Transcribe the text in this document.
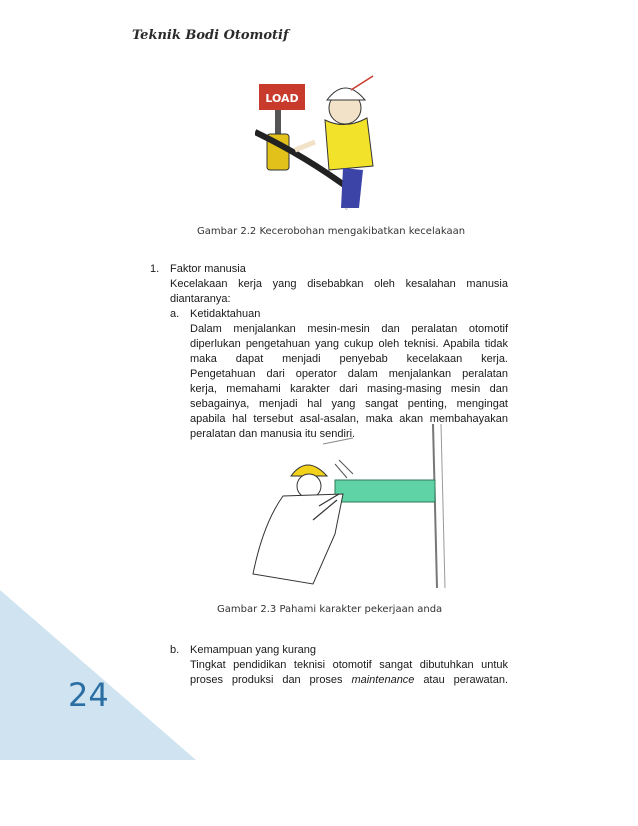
Teknik Bodi Otomotif
LOAD
©
Gambar 2.2 Kecerobohan mengakibatkan kecelakaan
1. Faktor manusia
Kecelakaan kerja yang disebabkan oleh kesalahan manusia
diantaranya:
a. Ketidaktahuan
Dalam menjalankan mesin-mesin dan peralatan otomotif
diperlukan pengetahuan yang cukup oleh teknisi. Apabila tidak
maka dapat menjadi penyebab kecelakaan kerja.
Pengetahuan dari operator dalam menjalankan peralatan
kerja, memahami karakter dari masing-masing mesin dan
sebagainya, menjadi hal yang sangat penting, mengingat
apabila hal tersebut asal-asalan, maka akan membahayakan
peralatan dan manusia itu sendiri.
Gambar 2.3 Pahami karakter pekerjaan anda
b. Kemampuan yang kurang
Tingkat pendidikan teknisi otomotif sangat dibutuhkan untuk
proses produksi dan proses maintenance atau perawatan.
24
